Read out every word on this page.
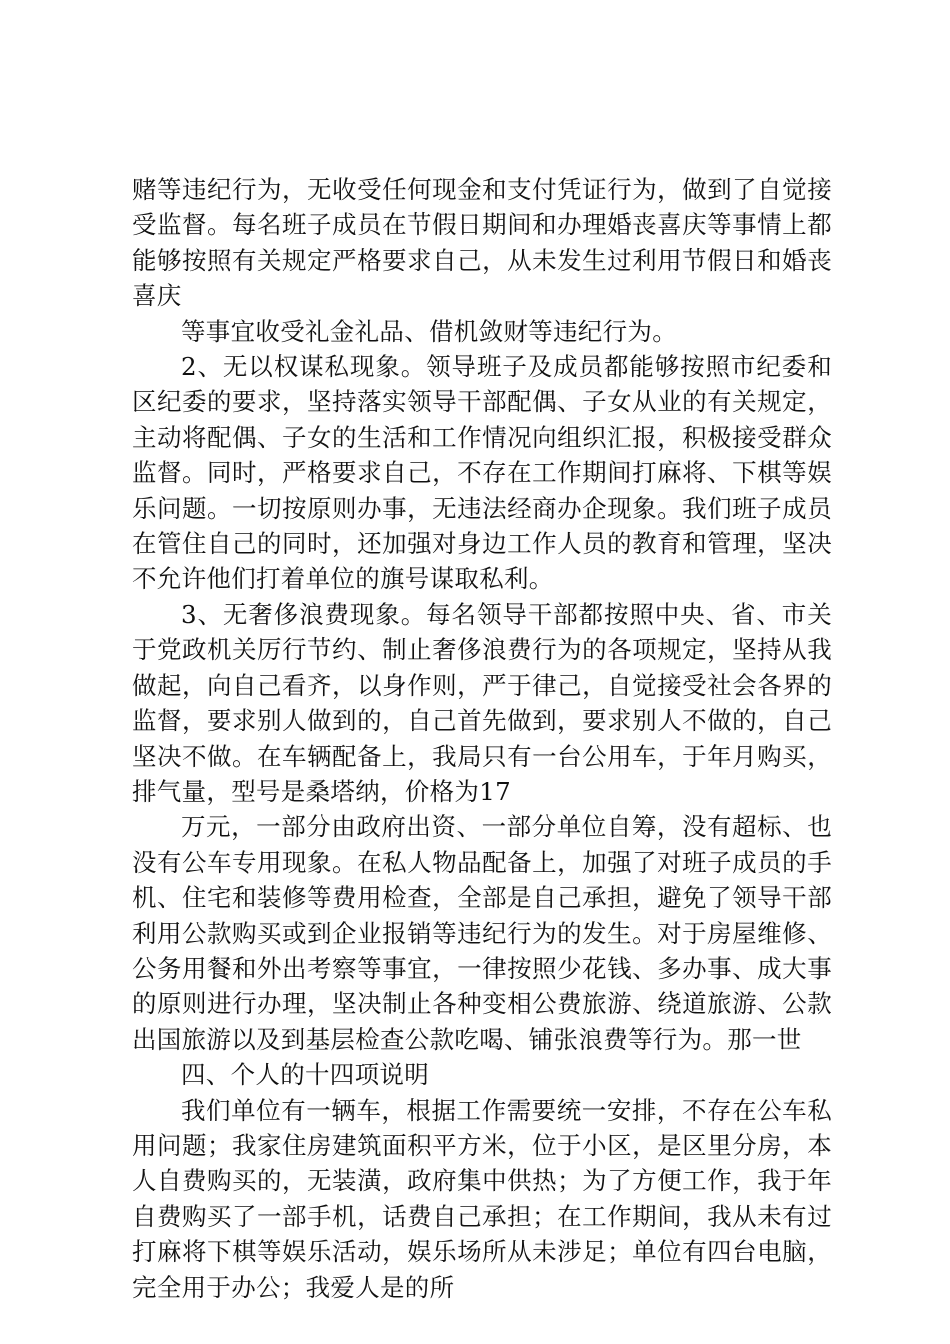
赌等违纪行为，无收受任何现金和支付凭证行为，做到了自觉接受监督。每名班子成员在节假日期间和办理婚丧喜庆等事情上都能够按照有关规定严格要求自己，从未发生过利用节假日和婚丧喜庆

等事宜收受礼金礼品、借机敛财等违纪行为。

2、无以权谋私现象。领导班子及成员都能够按照市纪委和区纪委的要求，坚持落实领导干部配偶、子女从业的有关规定，主动将配偶、子女的生活和工作情况向组织汇报，积极接受群众监督。同时，严格要求自己，不存在工作期间打麻将、下棋等娱乐问题。一切按原则办事，无违法经商办企现象。我们班子成员在管住自己的同时，还加强对身边工作人员的教育和管理，坚决不允许他们打着单位的旗号谋取私利。

3、无奢侈浪费现象。每名领导干部都按照中央、省、市关于党政机关厉行节约、制止奢侈浪费行为的各项规定，坚持从我做起，向自己看齐，以身作则，严于律己，自觉接受社会各界的监督，要求别人做到的，自己首先做到，要求别人不做的，自己坚决不做。在车辆配备上，我局只有一台公用车，于年月购买，排气量，型号是桑塔纳，价格为17

万元，一部分由政府出资、一部分单位自筹，没有超标、也没有公车专用现象。在私人物品配备上，加强了对班子成员的手机、住宅和装修等费用检查，全部是自己承担，避免了领导干部利用公款购买或到企业报销等违纪行为的发生。对于房屋维修、公务用餐和外出考察等事宜，一律按照少花钱、多办事、成大事的原则进行办理，坚决制止各种变相公费旅游、绕道旅游、公款出国旅游以及到基层检查公款吃喝、铺张浪费等行为。那一世

四、个人的十四项说明

我们单位有一辆车，根据工作需要统一安排，不存在公车私用问题；我家住房建筑面积平方米，位于小区，是区里分房，本人自费购买的，无装潢，政府集中供热；为了方便工作，我于年自费购买了一部手机，话费自己承担；在工作期间，我从未有过打麻将下棋等娱乐活动，娱乐场所从未涉足；单位有四台电脑，完全用于办公；我爱人是的所
